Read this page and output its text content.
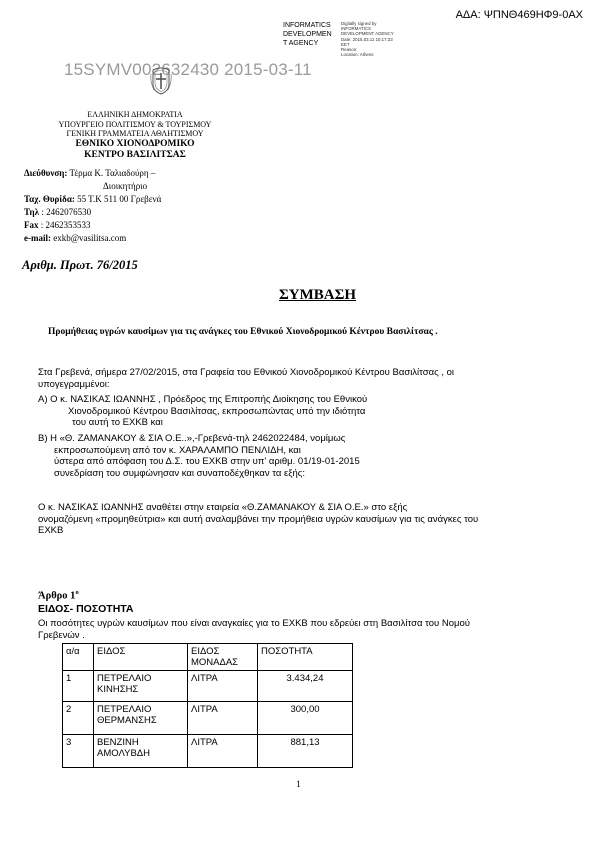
ΑΔΑ: ΨΠΝΘ469ΗΦ9-0ΑΧ
INFORMATICS
DEVELOPMEN
T AGENCY
Digitally signed by
INFORMATICS
DEVELOPMENT AGENCY
Date: 2015.03.11 10:17:33
EET
Reason:
Location: Athens
15SYMV002632430 2015-03-11
ΕΛΛΗΝΙΚΗ ΔΗΜΟΚΡΑΤΙΑ
ΥΠΟΥΡΓΕΙΟ ΠΟΛΙΤΙΣΜΟΥ & ΤΟΥΡΙΣΜΟΥ
ΓΕΝΙΚΗ ΓΡΑΜΜΑΤΕΙΑ ΑΘΛΗΤΙΣΜΟΥ
ΕΘΝΙΚΟ ΧΙΟΝΟΔΡΟΜΙΚΟ
ΚΕΝΤΡΟ ΒΑΣΙΛΙΤΣΑΣ
Διεύθυνση: Τέρμα Κ. Ταλιαδούρη –
Διοικητήριο
Ταχ. Θυρίδα: 55 Τ.Κ 511 00 Γρεβενά
Τηλ : 2462076530
Fax : 2462353533
e-mail: exkb@vasilitsa.com
Αριθμ. Πρωτ. 76/2015
ΣΥΜΒΑΣΗ
Προμήθειας υγρών καυσίμων για τις ανάγκες του Εθνικού Χιονοδρομικού Κέντρου Βασιλίτσας .
Στα Γρεβενά, σήμερα 27/02/2015, στα Γραφεία του Εθνικού Χιονοδρομικού Κέντρου Βασιλίτσας , οι
υπογεγραμμένοι:
Α) Ο κ. ΝΑΣΙΚΑΣ ΙΩΑΝΝΗΣ , Πρόεδρος της Επιτροπής Διοίκησης του Εθνικού
Χιονοδρομικού Κέντρου Βασιλίτσας, εκπροσωπώντας υπό την ιδιότητα
του αυτή το ΕΧΚΒ και
Β) Η «Θ. ΖΑΜΑΝΑΚΟΥ & ΣΙΑ Ο.Ε..»,-Γρεβενά-τηλ 2462022484, νομίμως
εκπροσωπούμενη από τον κ. ΧΑΡΑΛΑΜΠΟ ΠΕΝΛΙΔΗ, και
ύστερα από απόφαση του Δ.Σ. του ΕΧΚΒ στην υπ' αριθμ. 01/19-01-2015
συνεδρίαση του συμφώνησαν και συναποδέχθηκαν τα εξής:
Ο κ. ΝΑΣΙΚΑΣ ΙΩΑΝΝΗΣ αναθέτει στην εταιρεία «Θ.ΖΑΜΑΝΑΚΟΥ & ΣΙΑ Ο.Ε.» στο εξής
ονομαζόμενη «προμηθεύτρια» και αυτή αναλαμβάνει την προμήθεια υγρών καυσίμων για τις ανάγκες του
ΕΧΚΒ
Άρθρο $1^o$
ΕΙΔΟΣ- ΠΟΣΟΤΗΤΑ
Οι ποσότητες υγρών καυσίμων που είναι αναγκαίες για το ΕΧΚΒ που εδρεύει στη Βασιλίτσα του Νομού
Γρεβενών .
α/α	ΕΙΔΟΣ	ΕΙΔΟΣ ΜΟΝΑΔΑΣ	ΠΟΣΟΤΗΤΑ
1	ΠΕΤΡΕΛΑΙΟ ΚΙΝΗΣΗΣ	ΛΙΤΡΑ	3.434,24
2	ΠΕΤΡΕΛΑΙΟ ΘΕΡΜΑΝΣΗΣ	ΛΙΤΡΑ	300,00
3	ΒΕΝΖΙΝΗ ΑΜΟΛΥΒΔΗ	ΛΙΤΡΑ	881,13
1
